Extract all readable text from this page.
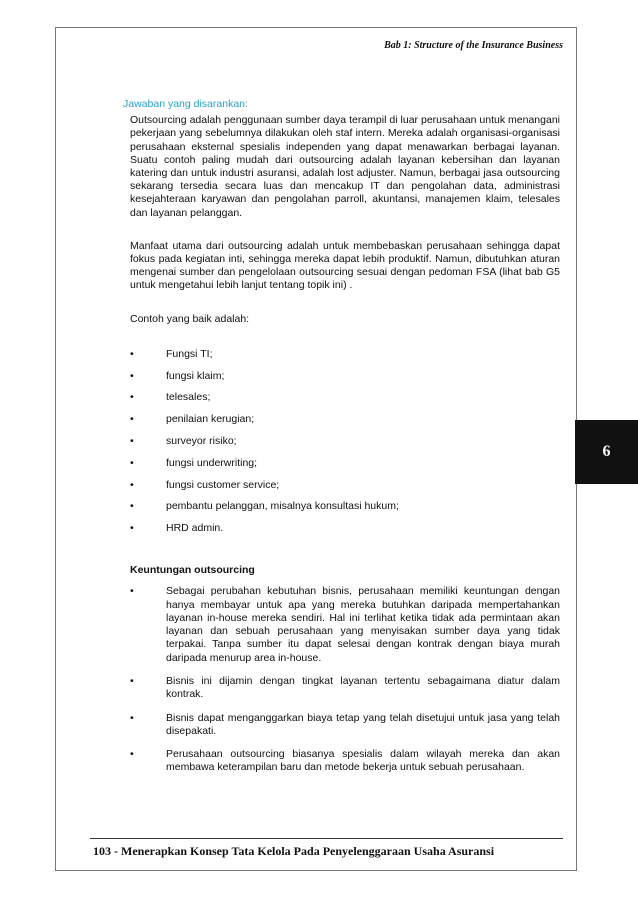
Bab 1: Structure of the Insurance Business
6
Jawaban yang disarankan:

Outsourcing adalah penggunaan sumber daya terampil di luar perusahaan untuk menangani pekerjaan yang sebelumnya dilakukan oleh staf intern. Mereka adalah organisasi-organisasi perusahaan eksternal spesialis independen yang dapat menawarkan berbagai layanan. Suatu contoh paling mudah dari outsourcing adalah layanan kebersihan dan layanan katering dan untuk industri asuransi, adalah lost adjuster. Namun, berbagai jasa outsourcing sekarang tersedia secara luas dan mencakup IT dan pengolahan data, administrasi kesejahteraan karyawan dan pengolahan parroll, akuntansi, manajemen klaim, telesales dan layanan pelanggan.

Manfaat utama dari outsourcing adalah untuk membebaskan perusahaan sehingga dapat fokus pada kegiatan inti, sehingga mereka dapat lebih produktif. Namun, dibutuhkan aturan mengenai sumber dan pengelolaan outsourcing sesuai dengan pedoman FSA (lihat bab G5 untuk mengetahui lebih lanjut tentang topik ini) .

Contoh yang baik adalah:

•	Fungsi TI;
•	fungsi klaim;
•	telesales;
•	penilaian kerugian;
•	surveyor risiko;
•	fungsi underwriting;
•	fungsi customer service;
•	pembantu pelanggan, misalnya konsultasi hukum;
•	HRD admin.
Keuntungan outsourcing
•	Sebagai perubahan kebutuhan bisnis, perusahaan memiliki keuntungan dengan hanya membayar untuk apa yang mereka butuhkan daripada mempertahankan layanan in-house mereka sendiri. Hal ini terlihat ketika tidak ada permintaan akan layanan dan sebuah perusahaan yang menyisakan sumber daya yang tidak terpakai. Tanpa sumber itu dapat selesai dengan kontrak dengan biaya murah daripada menurup area in-house.
•	Bisnis ini dijamin dengan tingkat layanan tertentu sebagaimana diatur dalam kontrak.
•	Bisnis dapat menganggarkan biaya tetap yang telah disetujui untuk jasa yang telah disepakati.
•	Perusahaan outsourcing biasanya spesialis dalam wilayah mereka dan akan membawa keterampilan baru dan metode bekerja untuk sebuah perusahaan.
103 - Menerapkan Konsep Tata Kelola Pada Penyelenggaraan Usaha Asuransi
